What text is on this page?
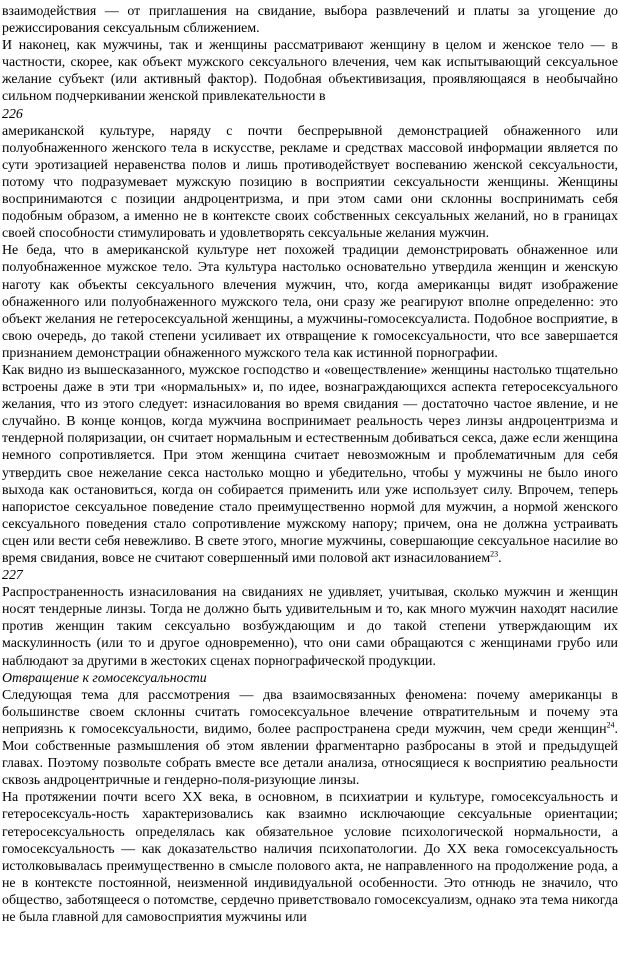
взаимодействия — от приглашения на свидание, выбора развлечений и платы за угощение до режиссирования сексуальным сближением.

И наконец, как мужчины, так и женщины рассматривают женщину в целом и женское тело — в частности, скорее, как объект мужского сексуального влечения, чем как испытывающий сексуальное желание субъект (или активный фактор). Подобная объективизация, проявляющаяся в необычайно сильном подчеркивании женской привлекательности в

226

американской культуре, наряду с почти беспрерывной демонстрацией обнаженного или полуобнаженного женского тела в искусстве, рекламе и средствах массовой информации является по сути эротизацией неравенства полов и лишь противодействует воспеванию женской сексуальности, потому что подразумевает мужскую позицию в восприятии сексуальности женщины. Женщины воспринимаются с позиции андроцентризма, и при этом сами они склонны воспринимать себя подобным образом, а именно не в контексте своих собственных сексуальных желаний, но в границах своей способности стимулировать и удовлетворять сексуальные желания мужчин.

Не беда, что в американской культуре нет похожей традиции демонстрировать обнаженное или полуобнаженное мужское тело. Эта культура настолько основательно утвердила женщин и женскую наготу как объекты сексуального влечения мужчин, что, когда американцы видят изображение обнаженного или полуобнаженного мужского тела, они сразу же реагируют вполне определенно: это объект желания не гетеросексуальной женщины, а мужчины-гомосексуалиста. Подобное восприятие, в свою очередь, до такой степени усиливает их отвращение к гомосексуальности, что все завершается признанием демонстрации обнаженного мужского тела как истинной порнографии.

Как видно из вышесказанного, мужское господство и «овеществление» женщины настолько тщательно встроены даже в эти три «нормальных» и, по идее, вознаграждающихся аспекта гетеросексуального желания, что из этого следует: изнасилования во время свидания — достаточно частое явление, и не случайно. В конце концов, когда мужчина воспринимает реальность через линзы андроцентризма и тендерной поляризации, он считает нормальным и естественным добиваться секса, даже если женщина немного сопротивляется. При этом женщина считает невозможным и проблематичным для себя утвердить свое нежелание секса настолько мощно и убедительно, чтобы у мужчины не было иного выхода как остановиться, когда он собирается применить или уже использует силу. Впрочем, теперь напористое сексуальное поведение стало преимущественно нормой для мужчин, а нормой женского сексуального поведения стало сопротивление мужскому напору; причем, она не должна устраивать сцен или вести себя невежливо. В свете этого, многие мужчины, совершающие сексуальное насилие во время свидания, вовсе не считают совершенный ими половой акт изнасилованием$^{23}$.

227

Распространенность изнасилования на свиданиях не удивляет, учитывая, сколько мужчин и женщин носят тендерные линзы. Тогда не должно быть удивительным и то, как много мужчин находят насилие против женщин таким сексуально возбуждающим и до такой степени утверждающим их маскулинность (или то и другое одновременно), что они сами обращаются с женщинами грубо или наблюдают за другими в жестоких сценах порнографической продукции.

Отвращение к гомосексуальности

Следующая тема для рассмотрения — два взаимосвязанных феномена: почему американцы в большинстве своем склонны считать гомосексуальное влечение отвратительным и почему эта неприязнь к гомосексуальности, видимо, более распространена среди мужчин, чем среди женщин$^{24}$. Мои собственные размышления об этом явлении фрагментарно разбросаны в этой и предыдущей главах. Поэтому позвольте собрать вместе все детали анализа, относящиеся к восприятию реальности сквозь андроцентричные и гендерно-поля-ризующие линзы.

На протяжении почти всего XX века, в основном, в психиатрии и культуре, гомосексуальность и гетеросексуаль-ность характеризовались как взаимно исключающие сексуальные ориентации; гетеросексуальность определялась как обязательное условие психологической нормальности, а гомосексуальность — как доказательство наличия психопатологии. До XX века гомосексуальность истолковывалась преимущественно в смысле полового акта, не направленного на продолжение рода, а не в контексте постоянной, неизменной индивидуальной особенности. Это отнюдь не значило, что общество, заботящееся о потомстве, сердечно приветствовало гомосексуализм, однако эта тема никогда не была главной для самовосприятия мужчины или
